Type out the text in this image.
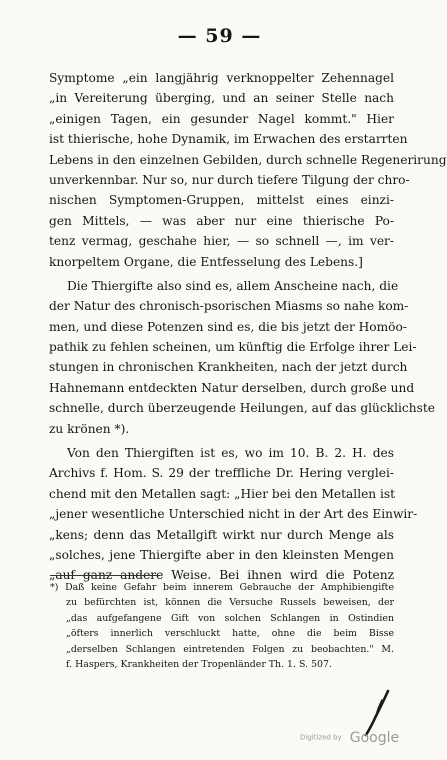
— 59 —
Symptome „ein langjährig verknoppelter Zehennagel
„in Vereiterung überging, und an seiner Stelle nach
„einigen Tagen, ein gesunder Nagel kommt." Hier
ist thierische, hohe Dynamik, im Erwachen des erstarrten
Lebens in den einzelnen Gebilden, durch schnelle Regenerirung
unverkennbar. Nur so, nur durch tiefere Tilgung der chro-
nischen Symptomen-Gruppen, mittelst eines einzi-
gen Mittels, — was aber nur eine thierische Po-
tenz vermag, geschahe hier, — so schnell —, im ver-
knorpeltem Organe, die Entfesselung des Lebens.]
Die Thiergifte also sind es, allem Anscheine nach, die
der Natur des chronisch-psorischen Miasms so nahe kom-
men, und diese Potenzen sind es, die bis jetzt der Homöo-
pathik zu fehlen scheinen, um künftig die Erfolge ihrer Lei-
stungen in chronischen Krankheiten, nach der jetzt durch
Hahnemann entdeckten Natur derselben, durch große und
schnelle, durch überzeugende Heilungen, auf das glücklichste
zu krönen *).
Von den Thiergiften ist es, wo im 10. B. 2. H. des
Archivs f. Hom. S. 29 der treffliche Dr. Hering verglei-
chend mit den Metallen sagt: „Hier bei den Metallen ist
„jener wesentliche Unterschied nicht in der Art des Einwir-
„kens; denn das Metallgift wirkt nur durch Menge als
„solches, jene Thiergifte aber in den kleinsten Mengen
„auf ganz andere Weise. Bei ihnen wird die Potenz
*) Daß keine Gefahr beim innerem Gebrauche der Amphibiengifte
zu befürchten ist, können die Versuche Russels beweisen, der
„das aufgefangene Gift von solchen Schlangen in Ostindien
„öfters innerlich verschluckt hatte, ohne die beim Bisse
„derselben Schlangen eintretenden Folgen zu beobachten." M.
f. Haspers, Krankheiten der Tropenländer Th. 1. S. 507.
Digitized by Google
